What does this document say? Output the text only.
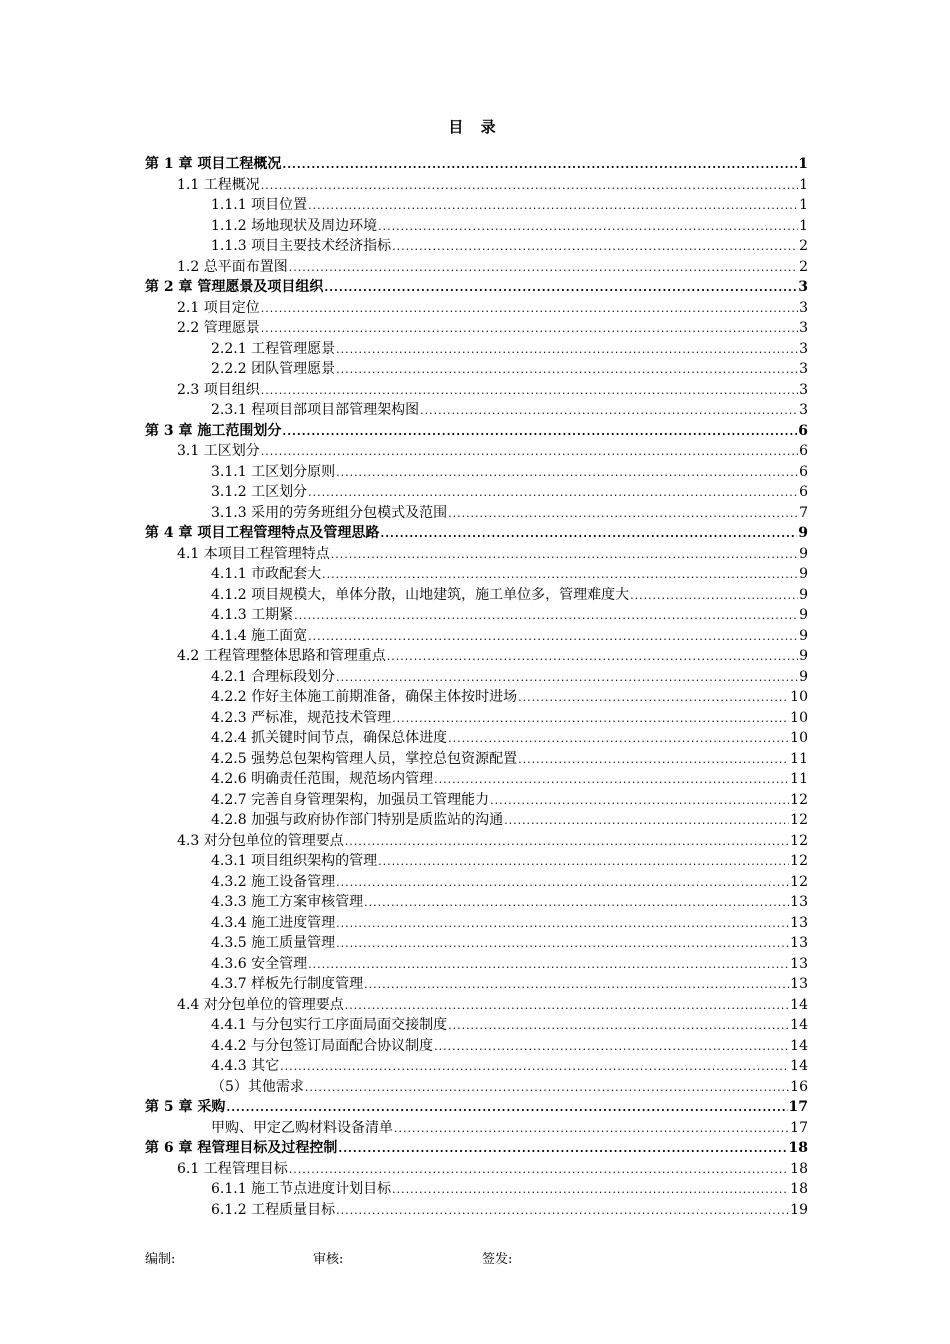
目 录
第 1 章 项目工程概况 .....	1
1.1 工程概况 .....	1
1.1.1 项目位置 .....	1
1.1.2 场地现状及周边环境 .....	1
1.1.3 项目主要技术经济指标 .....	2
1.2 总平面布置图 .....	2
第 2 章 管理愿景及项目组织 .....	3
2.1 项目定位 .....	3
2.2 管理愿景 .....	3
2.2.1 工程管理愿景 .....	3
2.2.2 团队管理愿景 .....	3
2.3 项目组织 .....	3
2.3.1 程项目部项目部管理架构图 .....	3
第 3 章 施工范围划分 .....	6
3.1 工区划分 .....	6
3.1.1 工区划分原则 .....	6
3.1.2 工区划分 .....	6
3.1.3 采用的劳务班组分包模式及范围 .....	7
第 4 章 项目工程管理特点及管理思路 .....	9
4.1 本项目工程管理特点 .....	9
4.1.1 市政配套大 .....	9
4.1.2 项目规模大，单体分散，山地建筑，施工单位多，管理难度大 .....	9
4.1.3 工期紧 .....	9
4.1.4 施工面宽 .....	9
4.2 工程管理整体思路和管理重点 .....	9
4.2.1 合理标段划分 .....	9
4.2.2 作好主体施工前期准备，确保主体按时进场 .....	10
4.2.3 严标准，规范技术管理 .....	10
4.2.4 抓关键时间节点，确保总体进度 .....	10
4.2.5 强势总包架构管理人员，掌控总包资源配置 .....	11
4.2.6 明确责任范围，规范场内管理 .....	11
4.2.7 完善自身管理架构，加强员工管理能力 .....	12
4.2.8 加强与政府协作部门特别是质监站的沟通 .....	12
4.3 对分包单位的管理要点 .....	12
4.3.1 项目组织架构的管理 .....	12
4.3.2 施工设备管理 .....	12
4.3.3 施工方案审核管理 .....	13
4.3.4 施工进度管理 .....	13
4.3.5 施工质量管理 .....	13
4.3.6 安全管理 .....	13
4.3.7 样板先行制度管理 .....	13
4.4 对分包单位的管理要点 .....	14
4.4.1 与分包实行工序面局面交接制度 .....	14
4.4.2 与分包签订局面配合协议制度 .....	14
4.4.3 其它 .....	14
（5）其他需求 .....	16
第 5 章 采购 .....	17
甲购、甲定乙购材料设备清单 .....	17
第 6 章 程管理目标及过程控制 .....	18
6.1 工程管理目标 .....	18
6.1.1 施工节点进度计划目标 .....	18
6.1.2 工程质量目标 .....	19
编制:	审核:	签发:
